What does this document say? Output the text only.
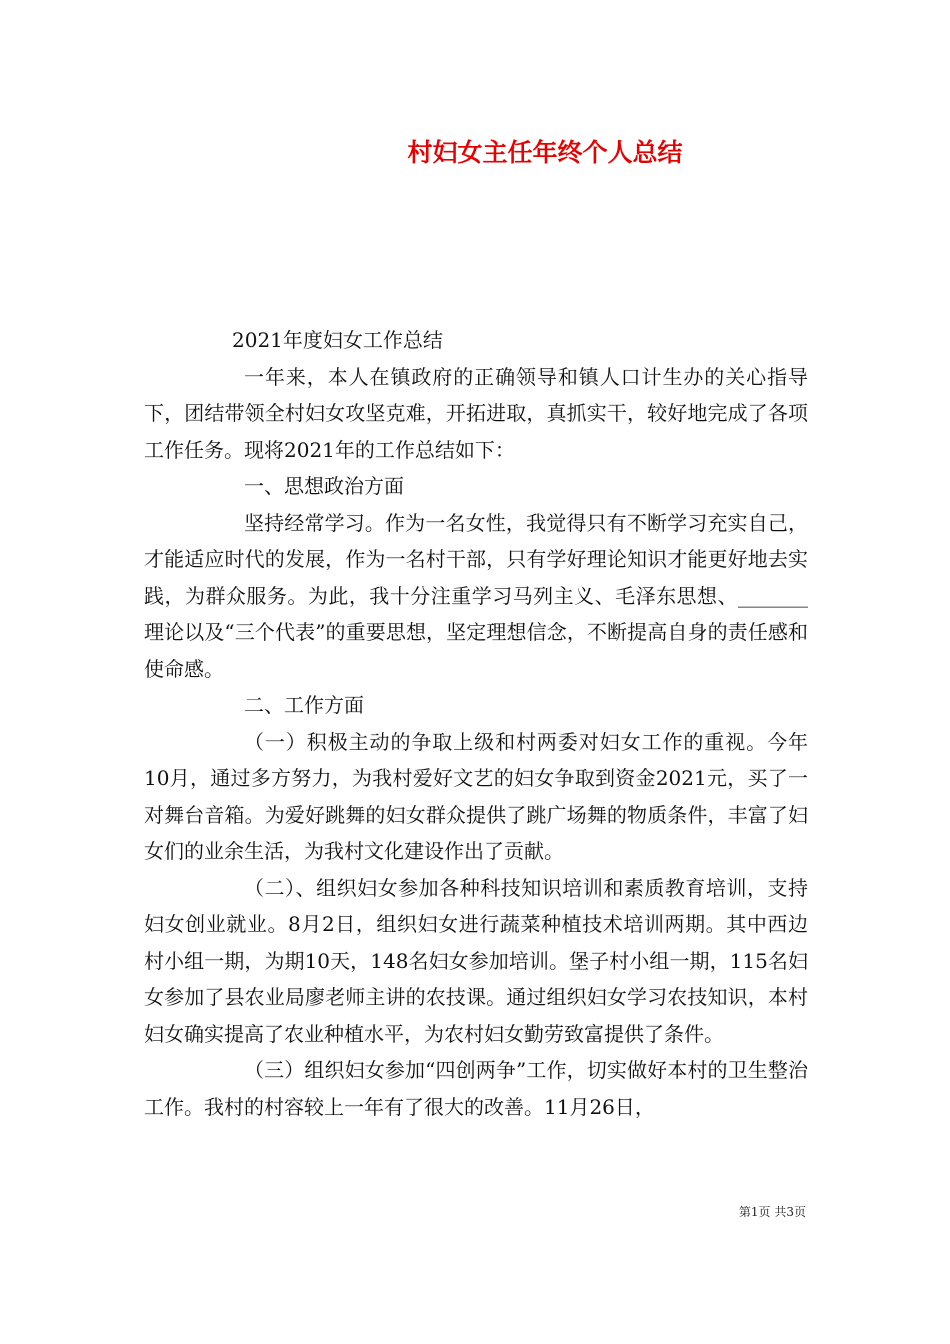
村妇女主任年终个人总结

2021年度妇女工作总结

一年来，本人在镇政府的正确领导和镇人口计生办的关心指导下，团结带领全村妇女攻坚克难，开拓进取，真抓实干，较好地完成了各项工作任务。现将2021年的工作总结如下：

一、思想政治方面

坚持经常学习。作为一名女性，我觉得只有不断学习充实自己，才能适应时代的发展，作为一名村干部，只有学好理论知识才能更好地去实践，为群众服务。为此，我十分注重学习马列主义、毛泽东思想、_______理论以及“三个代表”的重要思想，坚定理想信念，不断提高自身的责任感和使命感。

二、工作方面

（一）积极主动的争取上级和村两委对妇女工作的重视。今年10月，通过多方努力，为我村爱好文艺的妇女争取到资金2021元，买了一对舞台音箱。为爱好跳舞的妇女群众提供了跳广场舞的物质条件，丰富了妇女们的业余生活，为我村文化建设作出了贡献。

（二）、组织妇女参加各种科技知识培训和素质教育培训，支持妇女创业就业。8月2日，组织妇女进行蔬菜种植技术培训两期。其中西边村小组一期，为期10天，148名妇女参加培训。堡子村小组一期，115名妇女参加了县农业局廖老师主讲的农技课。通过组织妇女学习农技知识，本村妇女确实提高了农业种植水平，为农村妇女勤劳致富提供了条件。

（三）组织妇女参加“四创两争”工作，切实做好本村的卫生整治工作。我村的村容较上一年有了很大的改善。11月26日，

第1页 共3页
